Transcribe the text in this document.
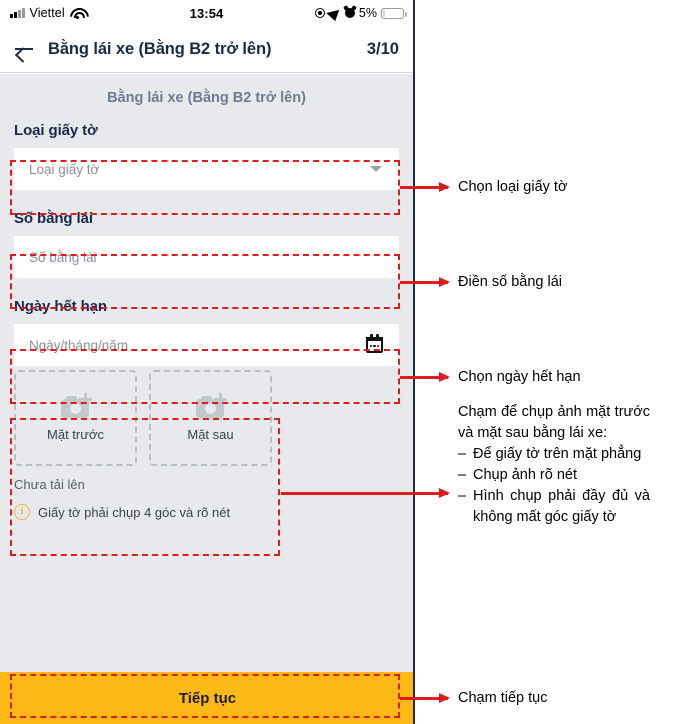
Viettel	13:54	5%
Bằng lái xe (Bằng B2 trở lên)	3/10
Bằng lái xe (Bằng B2 trở lên)
Loại giấy tờ
Loại giấy tờ
Số bằng lái
Số bằng lái
Ngày hết hạn
Ngày/tháng/năm
Mặt trước	Mặt sau
Chưa tải lên
i	Giấy tờ phải chụp 4 góc và rõ nét
Tiếp tục
Chọn loại giấy tờ
Điền số bằng lái
Chọn ngày hết hạn
Chạm để chụp ảnh mặt trước và mặt sau bằng lái xe:
– Để giấy tờ trên mặt phẳng
– Chụp ảnh rõ nét
– Hình chụp phải đầy đủ và không mất góc giấy tờ
Chạm tiếp tục
